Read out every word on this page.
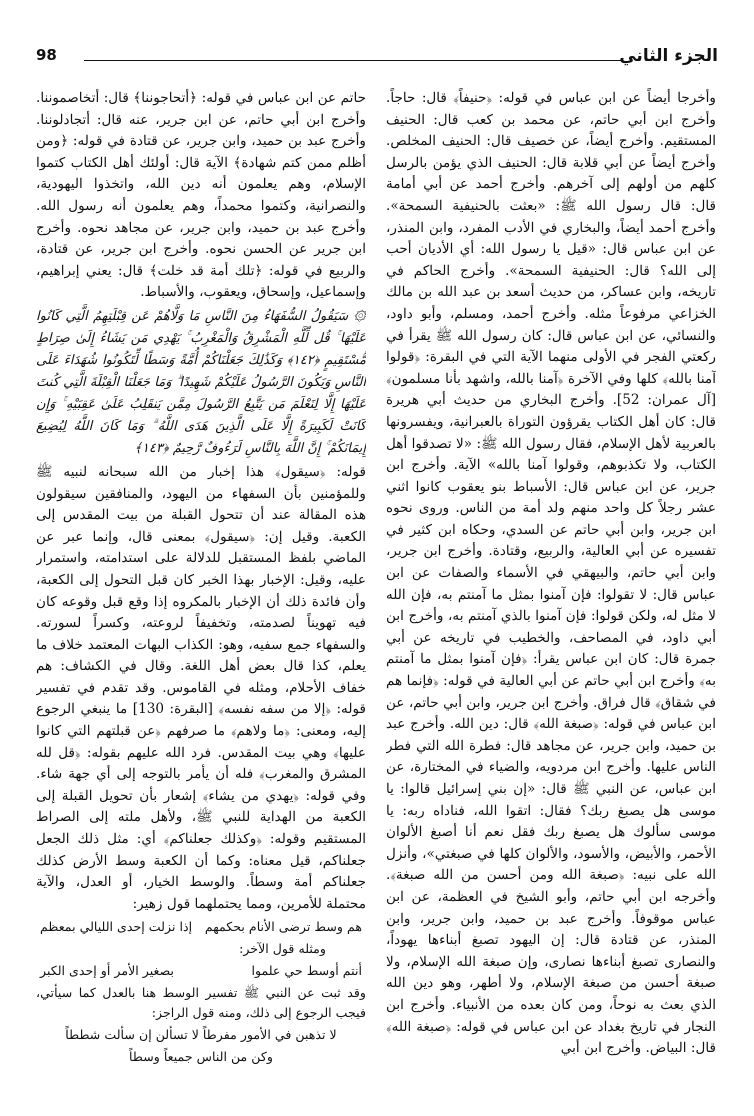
الجزء الثاني
98

وأخرجا أيضاً عن ابن عباس في قوله: ﴿حنيفاً﴾ قال: حاجاً. وأخرج ابن أبي حاتم، عن محمد بن كعب قال: الحنيف المستقيم. وأخرج أيضاً، عن خصيف قال: الحنيف المخلص. وأخرج أيضاً عن أبي قلابة قال: الحنيف الذي يؤمن بالرسل كلهم من أولهم إلى آخرهم. وأخرج أحمد عن أبي أمامة قال: قال رسول الله ﷺ: «بعثت بالحنيفية السمحة». وأخرج أحمد أيضاً، والبخاري في الأدب المفرد، وابن المنذر، عن ابن عباس قال: «قيل يا رسول الله: أي الأديان أحب إلى الله؟ قال: الحنيفية السمحة». وأخرج الحاكم في تاريخه، وابن عساكر، من حديث أسعد بن عبد الله بن مالك الخزاعي مرفوعاً مثله. وأخرج أحمد، ومسلم، وأبو داود، والنسائي، عن ابن عباس قال: كان رسول الله ﷺ يقرأ في ركعتي الفجر في الأولى منهما الآية التي في البقرة: ﴿قولوا آمنا بالله﴾ كلها وفي الآخرة ﴿آمنا بالله، واشهد بأنا مسلمون﴾ [آل عمران: 52]. وأخرج البخاري من حديث أبي هريرة قال: كان أهل الكتاب يقرؤون التوراة بالعبرانية، ويفسرونها بالعربية لأهل الإسلام، فقال رسول الله ﷺ: «لا تصدقوا أهل الكتاب، ولا تكذبوهم، وقولوا آمنا بالله» الآية. وأخرج ابن جرير، عن ابن عباس قال: الأسباط بنو يعقوب كانوا اثني عشر رجلاً كل واحد منهم ولد أمة من الناس. وروى نحوه ابن جرير، وابن أبي حاتم عن السدي، وحكاه ابن كثير في تفسيره عن أبي العالية، والربيع، وقتادة. وأخرج ابن جرير، وابن أبي حاتم، والبيهقي في الأسماء والصفات عن ابن عباس قال: لا تقولوا: فإن آمنوا بمثل ما آمنتم به، فإن الله لا مثل له، ولكن قولوا: فإن آمنوا بالذي آمنتم به، وأخرج ابن أبي داود، في المصاحف، والخطيب في تاريخه عن أبي جمرة قال: كان ابن عباس يقرأ: ﴿فإن آمنوا بمثل ما آمنتم به﴾ وأخرج ابن أبي حاتم عن أبي العالية في قوله: ﴿فإنما هم في شقاق﴾ قال فراق. وأخرج ابن جرير، وابن أبي حاتم، عن ابن عباس في قوله: ﴿صبغة الله﴾ قال: دين الله. وأخرج عبد بن حميد، وابن جرير، عن مجاهد قال: فطرة الله التي فطر الناس عليها. وأخرج ابن مردويه، والضياء في المختارة، عن ابن عباس، عن النبي ﷺ قال: «إن بني إسرائيل قالوا: يا موسى هل يصبغ ربك؟ فقال: اتقوا الله، فناداه ربه: يا موسى سألوك هل يصبغ ربك فقل نعم أنا أصبغ الألوان الأحمر، والأبيض، والأسود، والألوان كلها في صبغتي»، وأنزل الله على نبيه: ﴿صبغة الله ومن أحسن من الله صبغة﴾. وأخرجه ابن أبي حاتم، وأبو الشيخ في العظمة، عن ابن عباس موقوفاً. وأخرج عبد بن حميد، وابن جرير، وابن المنذر، عن قتادة قال: إن اليهود تصبغ أبناءها يهوداً، والنصارى تصبغ أبناءها نصارى، وإن صبغة الله الإسلام، ولا صبغة أحسن من صبغة الإسلام، ولا أطهر، وهو دين الله الذي بعث به نوحاً، ومن كان بعده من الأنبياء. وأخرج ابن النجار في تاريخ بغداد عن ابن عباس في قوله: ﴿صبغة الله﴾ قال: البياض. وأخرج ابن أبي

حاتم عن ابن عباس في قوله: ﴿أتحاجوننا﴾ قال: أتخاصموننا. وأخرج ابن أبي حاتم، عن ابن جرير، عنه قال: أتجادلوننا. وأخرج عبد بن حميد، وابن جرير، عن قتادة في قوله: ﴿ومن أظلم ممن كتم شهادة﴾ الآية قال: أولئك أهل الكتاب كتموا الإسلام، وهم يعلمون أنه دين الله، واتخذوا اليهودية، والنصرانية، وكتموا محمداً، وهم يعلمون أنه رسول الله. وأخرج عبد بن حميد، وابن جرير، عن مجاهد نحوه. وأخرج ابن جرير عن الحسن نحوه. وأخرج ابن جرير، عن قتادة، والربيع في قوله: ﴿تلك أمة قد خلت﴾ قال: يعني إبراهيم، وإسماعيل، وإسحاق، ويعقوب، والأسباط.

۞ سَيَقُولُ السُّفَهَاءُ مِنَ النَّاسِ مَا وَلَّاهُمْ عَن قِبْلَتِهِمُ الَّتِي كَانُوا عَلَيْهَا ۚ قُل لِّلَّهِ الْمَشْرِقُ وَالْمَغْرِبُ ۚ يَهْدِي مَن يَشَاءُ إِلَىٰ صِرَاطٍ مُّسْتَقِيمٍ ﴿١٤٢﴾ وَكَذَٰلِكَ جَعَلْنَاكُمْ أُمَّةً وَسَطًا لِّتَكُونُوا شُهَدَاءَ عَلَى النَّاسِ وَيَكُونَ الرَّسُولُ عَلَيْكُمْ شَهِيدًا ۗ وَمَا جَعَلْنَا الْقِبْلَةَ الَّتِي كُنتَ عَلَيْهَا إِلَّا لِنَعْلَمَ مَن يَتَّبِعُ الرَّسُولَ مِمَّن يَنقَلِبُ عَلَىٰ عَقِبَيْهِ ۚ وَإِن كَانَتْ لَكَبِيرَةً إِلَّا عَلَى الَّذِينَ هَدَى اللَّهُ ۗ وَمَا كَانَ اللَّهُ لِيُضِيعَ إِيمَانَكُمْ ۚ إِنَّ اللَّهَ بِالنَّاسِ لَرَءُوفٌ رَّحِيمٌ ﴿١٤٣﴾

قوله: ﴿سيقول﴾ هذا إخبار من الله سبحانه لنبيه ﷺ وللمؤمنين بأن السفهاء من اليهود، والمنافقين سيقولون هذه المقالة عند أن تتحول القبلة من بيت المقدس إلى الكعبة. وقيل إن: ﴿سيقول﴾ بمعنى قال، وإنما عبر عن الماضي بلفظ المستقبل للدلالة على استدامته، واستمرار عليه، وقيل: الإخبار بهذا الخبر كان قبل التحول إلى الكعبة، وأن فائدة ذلك أن الإخبار بالمكروه إذا وقع قبل وقوعه كان فيه تهويناً لصدمته، وتخفيفاً لروعته، وكسراً لسورته. والسفهاء جمع سفيه، وهو: الكذاب البهات المعتمد خلاف ما يعلم، كذا قال بعض أهل اللغة. وقال في الكشاف: هم خفاف الأحلام، ومثله في القاموس. وقد تقدم في تفسير قوله: ﴿إلا من سفه نفسه﴾ [البقرة: 130] ما ينبغي الرجوع إليه، ومعنى: ﴿ما ولاهم﴾ ما صرفهم ﴿عن قبلتهم التي كانوا عليها﴾ وهي بيت المقدس. فرد الله عليهم بقوله: ﴿قل لله المشرق والمغرب﴾ فله أن يأمر بالتوجه إلى أي جهة شاء. وفي قوله: ﴿يهدي من يشاء﴾ إشعار بأن تحويل القبلة إلى الكعبة من الهداية للنبي ﷺ، ولأهل ملته إلى الصراط المستقيم وقوله: ﴿وكذلك جعلناكم﴾ أي: مثل ذلك الجعل جعلناكم، قيل معناه: وكما أن الكعبة وسط الأرض كذلك جعلناكم أمة وسطاً. والوسط الخيار، أو العدل، والآية محتملة للأمرين، ومما يحتملهما قول زهير:

هم وسط ترضى الأنام بحكمهم
إذا نزلت إحدى الليالي بمعظم

ومثله قول الآخر:

أنتم أوسط حي علموا
بصغير الأمر أو إحدى الكبر

وقد ثبت عن النبي ﷺ تفسير الوسط هنا بالعدل كما سيأتي، فيجب الرجوع إلى ذلك، ومنه قول الراجز:

لا تذهبن في الأمور مفرطاً لا تسألن إن سألت شططاً

وكن من الناس جميعاً وسطاً
